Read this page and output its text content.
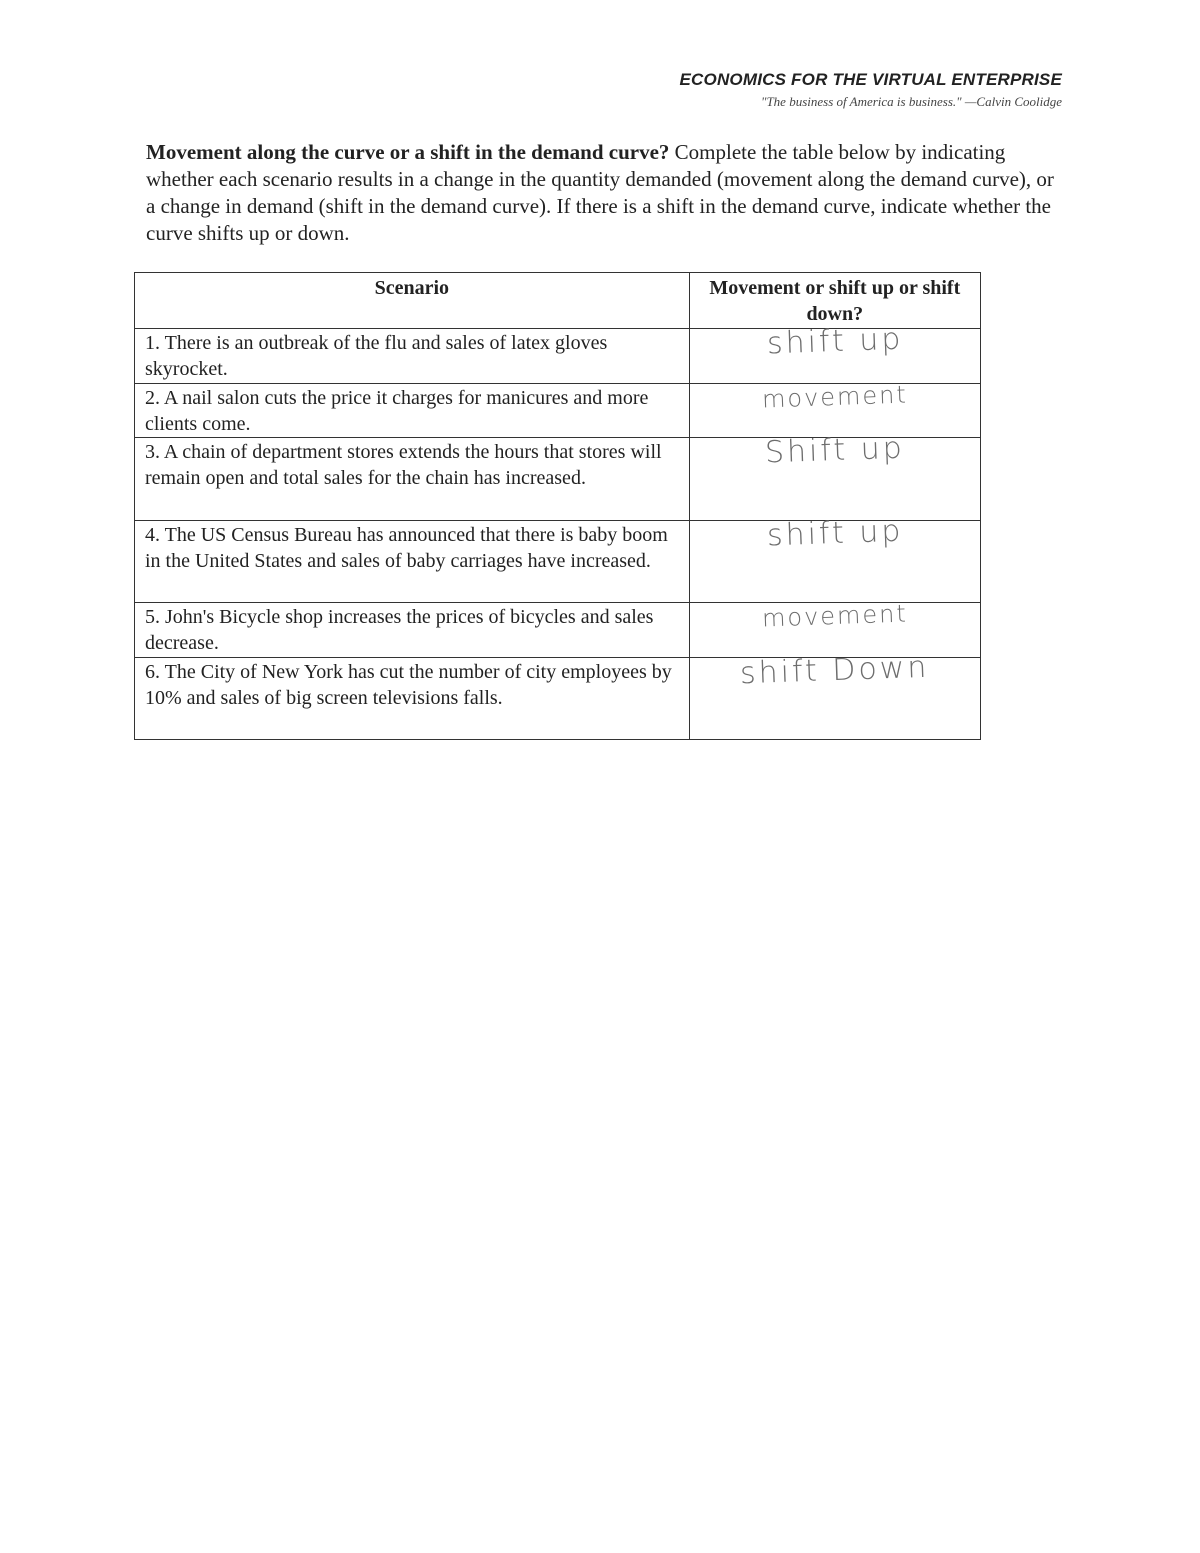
ECONOMICS FOR THE VIRTUAL ENTERPRISE
"The business of America is business." —Calvin Coolidge
Movement along the curve or a shift in the demand curve? Complete the table below by indicating whether each scenario results in a change in the quantity demanded (movement along the demand curve), or a change in demand (shift in the demand curve). If there is a shift in the demand curve, indicate whether the curve shifts up or down.
Scenario	Movement or shift up or shift down?
1. There is an outbreak of the flu and sales of latex gloves skyrocket.	shift up
2. A nail salon cuts the price it charges for manicures and more clients come.	movement
3. A chain of department stores extends the hours that stores will remain open and total sales for the chain has increased.	Shift up
4. The US Census Bureau has announced that there is baby boom in the United States and sales of baby carriages have increased.	shift up
5. John's Bicycle shop increases the prices of bicycles and sales decrease.	movement
6. The City of New York has cut the number of city employees by 10% and sales of big screen televisions falls.	shift Down
